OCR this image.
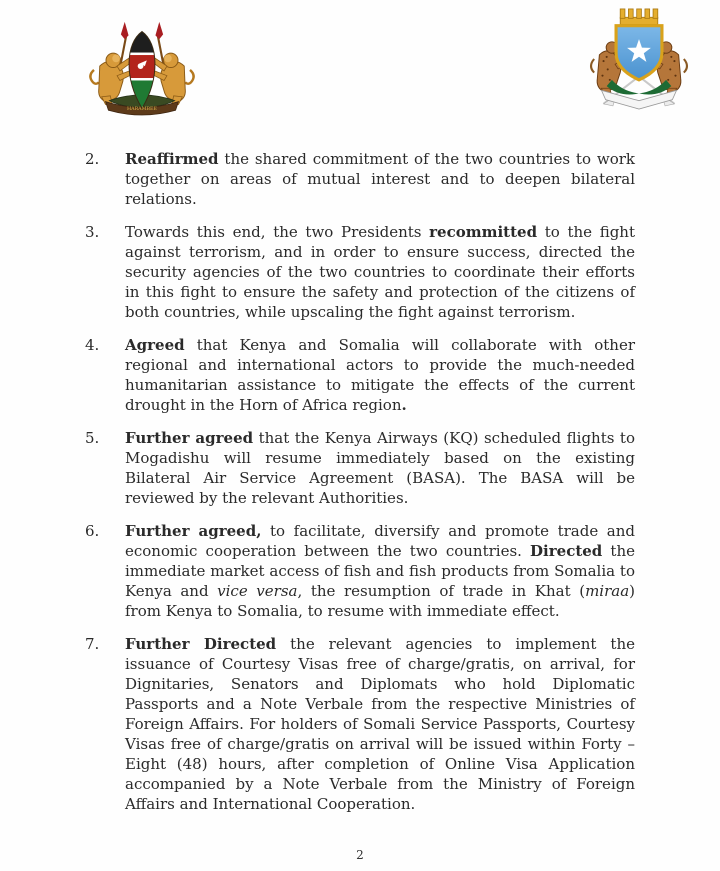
HARAMBEE
2.	Reaffirmed the shared commitment of the two countries to work together on areas of mutual interest and to deepen bilateral relations.
3.	Towards this end, the two Presidents recommitted to the fight against terrorism, and in order to ensure success, directed the security agencies of the two countries to coordinate their efforts in this fight to ensure the safety and protection of the citizens of both countries, while upscaling the fight against terrorism.
4.	Agreed that Kenya and Somalia will collaborate with other regional and international actors to provide the much-needed humanitarian assistance to mitigate the effects of the current drought in the Horn of Africa region.
5.	Further agreed that the Kenya Airways (KQ) scheduled flights to Mogadishu will resume immediately based on the existing Bilateral Air Service Agreement (BASA). The BASA will be reviewed by the relevant Authorities.
6.	Further agreed, to facilitate, diversify and promote trade and economic cooperation between the two countries. Directed the immediate market access of fish and fish products from Somalia to Kenya and vice versa, the resumption of trade in Khat (miraa) from Kenya to Somalia, to resume with immediate effect.
7.	Further Directed the relevant agencies to implement the issuance of Courtesy Visas free of charge/gratis, on arrival, for Dignitaries, Senators and Diplomats who hold Diplomatic Passports and a Note Verbale from the respective Ministries of Foreign Affairs. For holders of Somali Service Passports, Courtesy Visas free of charge/gratis on arrival will be issued within Forty – Eight (48) hours, after completion of Online Visa Application accompanied by a Note Verbale from the Ministry of Foreign Affairs and International Cooperation.
2
